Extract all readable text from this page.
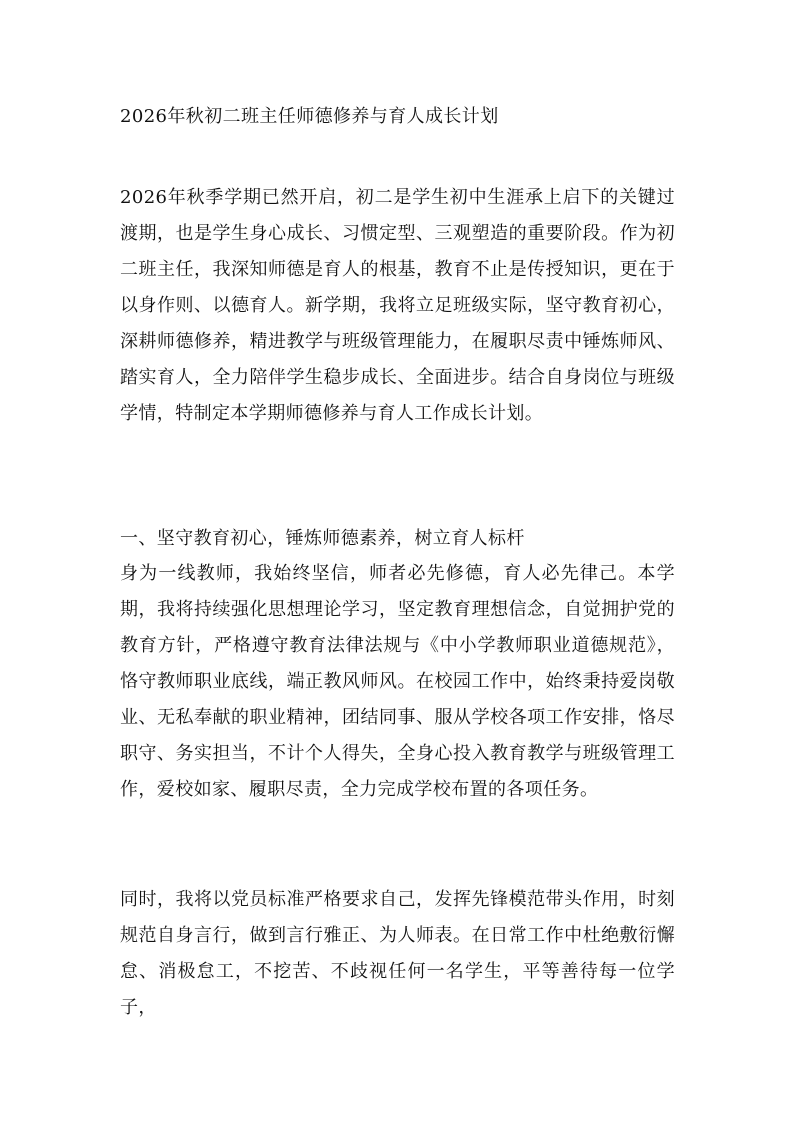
2026年秋初二班主任师德修养与育人成长计划
2026年秋季学期已然开启，初二是学生初中生涯承上启下的关键过渡期，也是学生身心成长、习惯定型、三观塑造的重要阶段。作为初二班主任，我深知师德是育人的根基，教育不止是传授知识，更在于以身作则、以德育人。新学期，我将立足班级实际，坚守教育初心，深耕师德修养，精进教学与班级管理能力，在履职尽责中锤炼师风、踏实育人，全力陪伴学生稳步成长、全面进步。结合自身岗位与班级学情，特制定本学期师德修养与育人工作成长计划。
一、坚守教育初心，锤炼师德素养，树立育人标杆
身为一线教师，我始终坚信，师者必先修德，育人必先律己。本学期，我将持续强化思想理论学习，坚定教育理想信念，自觉拥护党的教育方针，严格遵守教育法律法规与《中小学教师职业道德规范》，恪守教师职业底线，端正教风师风。在校园工作中，始终秉持爱岗敬业、无私奉献的职业精神，团结同事、服从学校各项工作安排，恪尽职守、务实担当，不计个人得失，全身心投入教育教学与班级管理工作，爱校如家、履职尽责，全力完成学校布置的各项任务。
同时，我将以党员标准严格要求自己，发挥先锋模范带头作用，时刻规范自身言行，做到言行雅正、为人师表。在日常工作中杜绝敷衍懈怠、消极怠工，不挖苦、不歧视任何一名学生，平等善待每一位学子，
